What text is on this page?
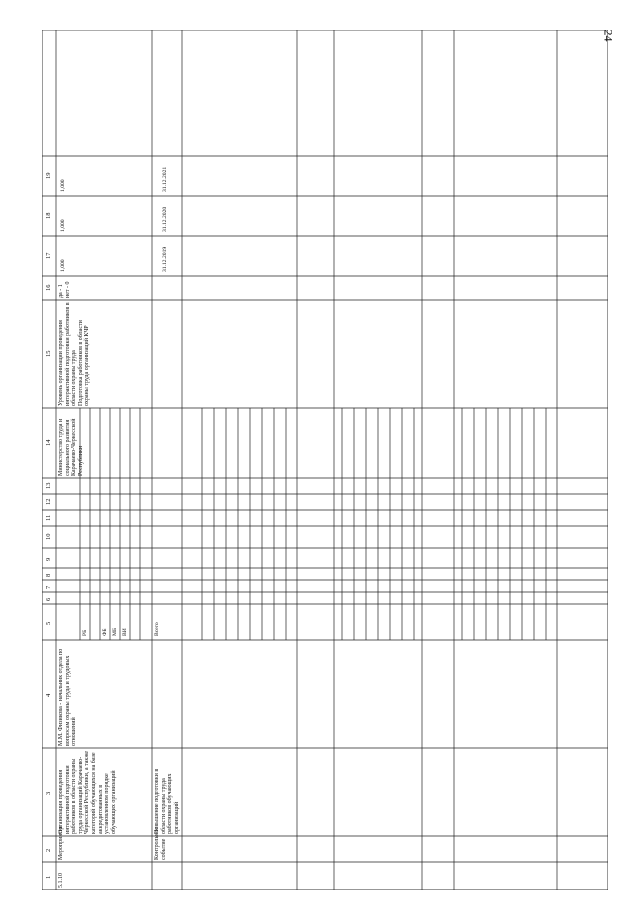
24
1
2
3
4
5
6
7
8
9
10
11
12
13
14
15
16
17
18
19
5.1.10
Мероприятие
Организация проведения интерактивной подготовки работников в области охраны труда организаций Карачаево-Черкесской Республики, а также категорий обучающихся на базе аккредитованных в установленном порядке обучающих организаций
М.М. Физикова - начальник отдела по вопросам охраны труда и трудовых отношений
Министерство труда и социального развития Карачаево-Черкесской Республики
Уровень организации проведения интерактивной подготовки работников в области охраны труда
Подготовка работников в области охраны труда организаций КЧР
да - 1
нет - 0
1,000
1,000
1,000
Контрольное событие
Повышение подготовки в области охраны труда работников обучающих организаций
31.12.2019
31.12.2020
31.12.2021
Всего
РБ	ФБ МБ ВИ
